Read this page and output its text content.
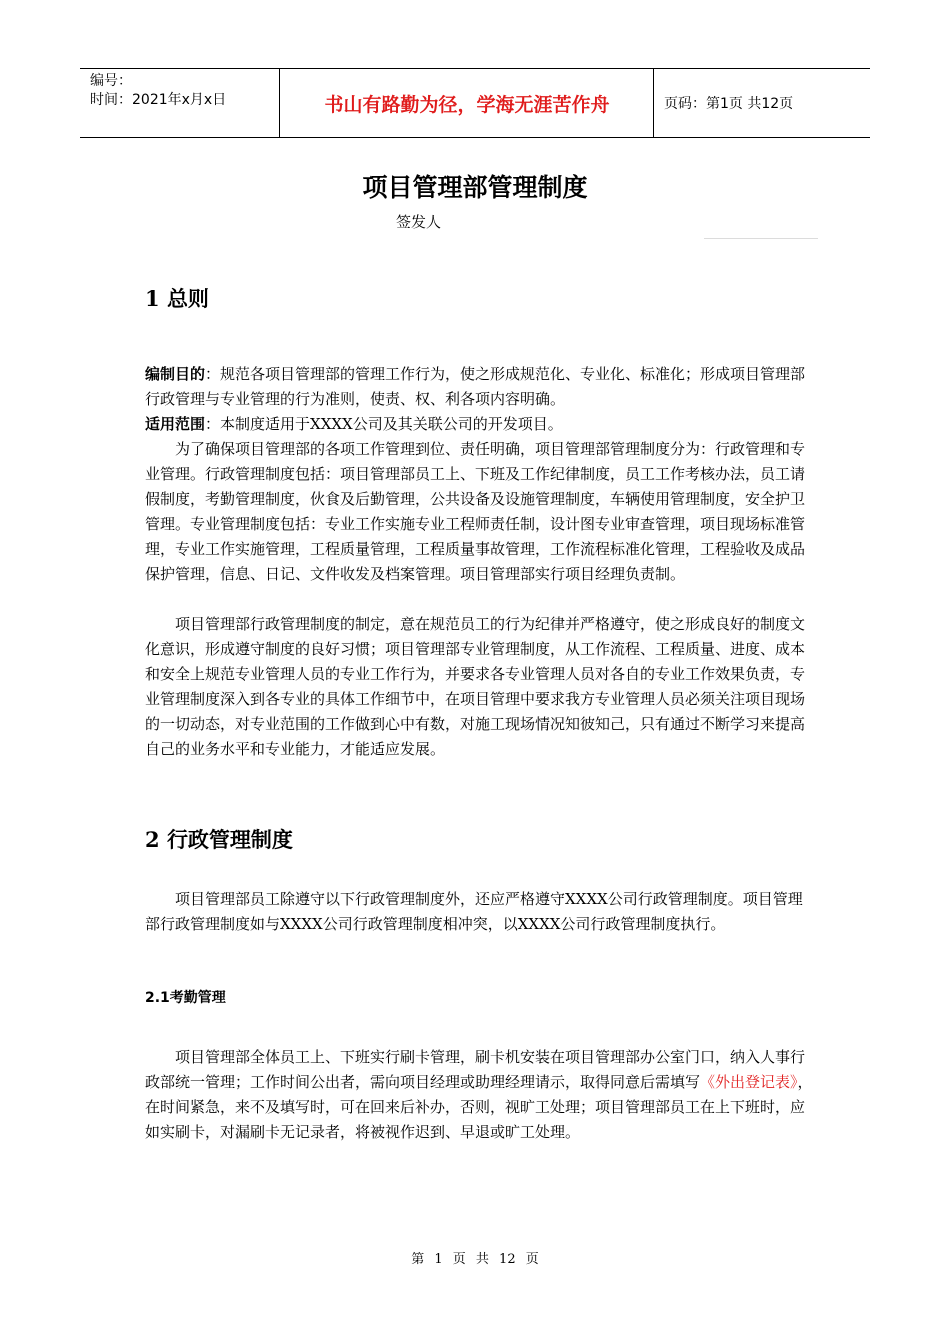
编号：
时间：2021年x月x日	书山有路勤为径，学海无涯苦作舟	页码：第1页 共12页
项目管理部管理制度
签发人
1 总则

编制目的：规范各项目管理部的管理工作行为，使之形成规范化、专业化、标准化；形成项目管理部行政管理与专业管理的行为准则，使责、权、利各项内容明确。

适用范围：本制度适用于XXXX公司及其关联公司的开发项目。

为了确保项目管理部的各项工作管理到位、责任明确，项目管理部管理制度分为：行政管理和专业管理。行政管理制度包括：项目管理部员工上、下班及工作纪律制度，员工工作考核办法，员工请假制度，考勤管理制度，伙食及后勤管理，公共设备及设施管理制度，车辆使用管理制度，安全护卫管理。专业管理制度包括：专业工作实施专业工程师责任制，设计图专业审查管理，项目现场标准管理，专业工作实施管理，工程质量管理，工程质量事故管理，工作流程标准化管理，工程验收及成品保护管理，信息、日记、文件收发及档案管理。项目管理部实行项目经理负责制。

项目管理部行政管理制度的制定，意在规范员工的行为纪律并严格遵守，使之形成良好的制度文化意识，形成遵守制度的良好习惯；项目管理部专业管理制度，从工作流程、工程质量、进度、成本和安全上规范专业管理人员的专业工作行为，并要求各专业管理人员对各自的专业工作效果负责，专业管理制度深入到各专业的具体工作细节中，在项目管理中要求我方专业管理人员必须关注项目现场的一切动态，对专业范围的工作做到心中有数，对施工现场情况知彼知己，只有通过不断学习来提高自己的业务水平和专业能力，才能适应发展。

2 行政管理制度

项目管理部员工除遵守以下行政管理制度外，还应严格遵守XXXX公司行政管理制度。项目管理部行政管理制度如与XXXX公司行政管理制度相冲突，以XXXX公司行政管理制度执行。

2.1考勤管理

项目管理部全体员工上、下班实行刷卡管理，刷卡机安装在项目管理部办公室门口，纳入人事行政部统一管理；工作时间公出者，需向项目经理或助理经理请示，取得同意后需填写《外出登记表》，在时间紧急，来不及填写时，可在回来后补办，否则，视旷工处理；项目管理部员工在上下班时，应如实刷卡，对漏刷卡无记录者，将被视作迟到、早退或旷工处理。

第 1 页 共 12 页
